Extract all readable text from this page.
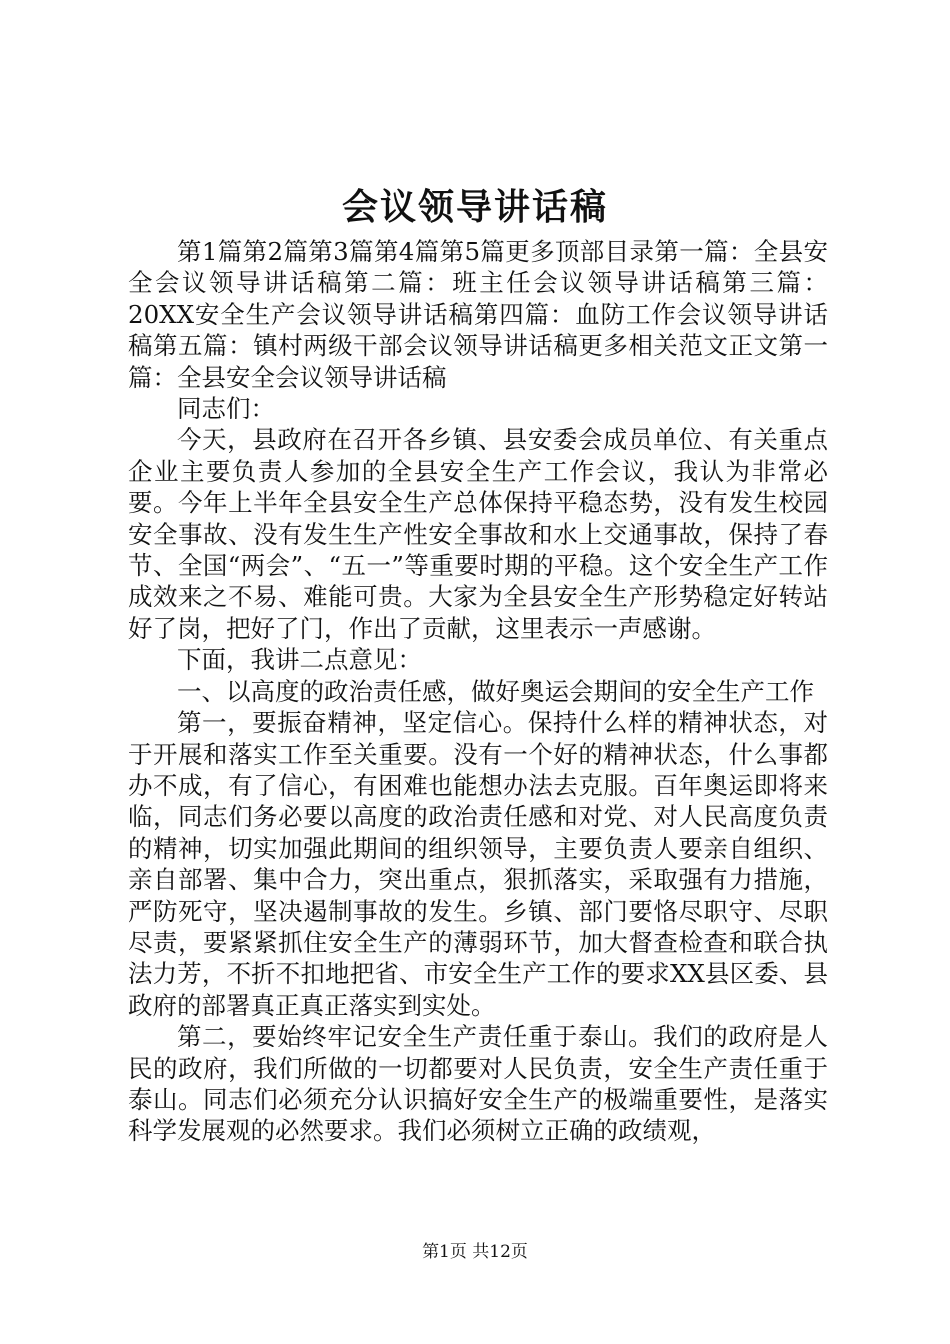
会议领导讲话稿

第1篇第2篇第3篇第4篇第5篇更多顶部目录第一篇：全县安全会议领导讲话稿第二篇：班主任会议领导讲话稿第三篇：20XX安全生产会议领导讲话稿第四篇：血防工作会议领导讲话稿第五篇：镇村两级干部会议领导讲话稿更多相关范文正文第一篇：全县安全会议领导讲话稿

同志们：

今天，县政府在召开各乡镇、县安委会成员单位、有关重点企业主要负责人参加的全县安全生产工作会议，我认为非常必要。今年上半年全县安全生产总体保持平稳态势，没有发生校园安全事故、没有发生生产性安全事故和水上交通事故，保持了春节、全国“两会”、“五一”等重要时期的平稳。这个安全生产工作成效来之不易、难能可贵。大家为全县安全生产形势稳定好转站好了岗，把好了门，作出了贡献，这里表示一声感谢。

下面，我讲二点意见：

一、以高度的政治责任感，做好奥运会期间的安全生产工作

第一，要振奋精神，坚定信心。保持什么样的精神状态，对于开展和落实工作至关重要。没有一个好的精神状态，什么事都办不成，有了信心，有困难也能想办法去克服。百年奥运即将来临，同志们务必要以高度的政治责任感和对党、对人民高度负责的精神，切实加强此期间的组织领导，主要负责人要亲自组织、亲自部署、集中合力，突出重点，狠抓落实，采取强有力措施，严防死守，坚决遏制事故的发生。乡镇、部门要恪尽职守、尽职尽责，要紧紧抓住安全生产的薄弱环节，加大督查检查和联合执法力芳，不折不扣地把省、市安全生产工作的要求XX县区委、县政府的部署真正真正落实到实处。

第二，要始终牢记安全生产责任重于泰山。我们的政府是人民的政府，我们所做的一切都要对人民负责，安全生产责任重于泰山。同志们必须充分认识搞好安全生产的极端重要性，是落实科学发展观的必然要求。我们必须树立正确的政绩观，

第1页 共12页
